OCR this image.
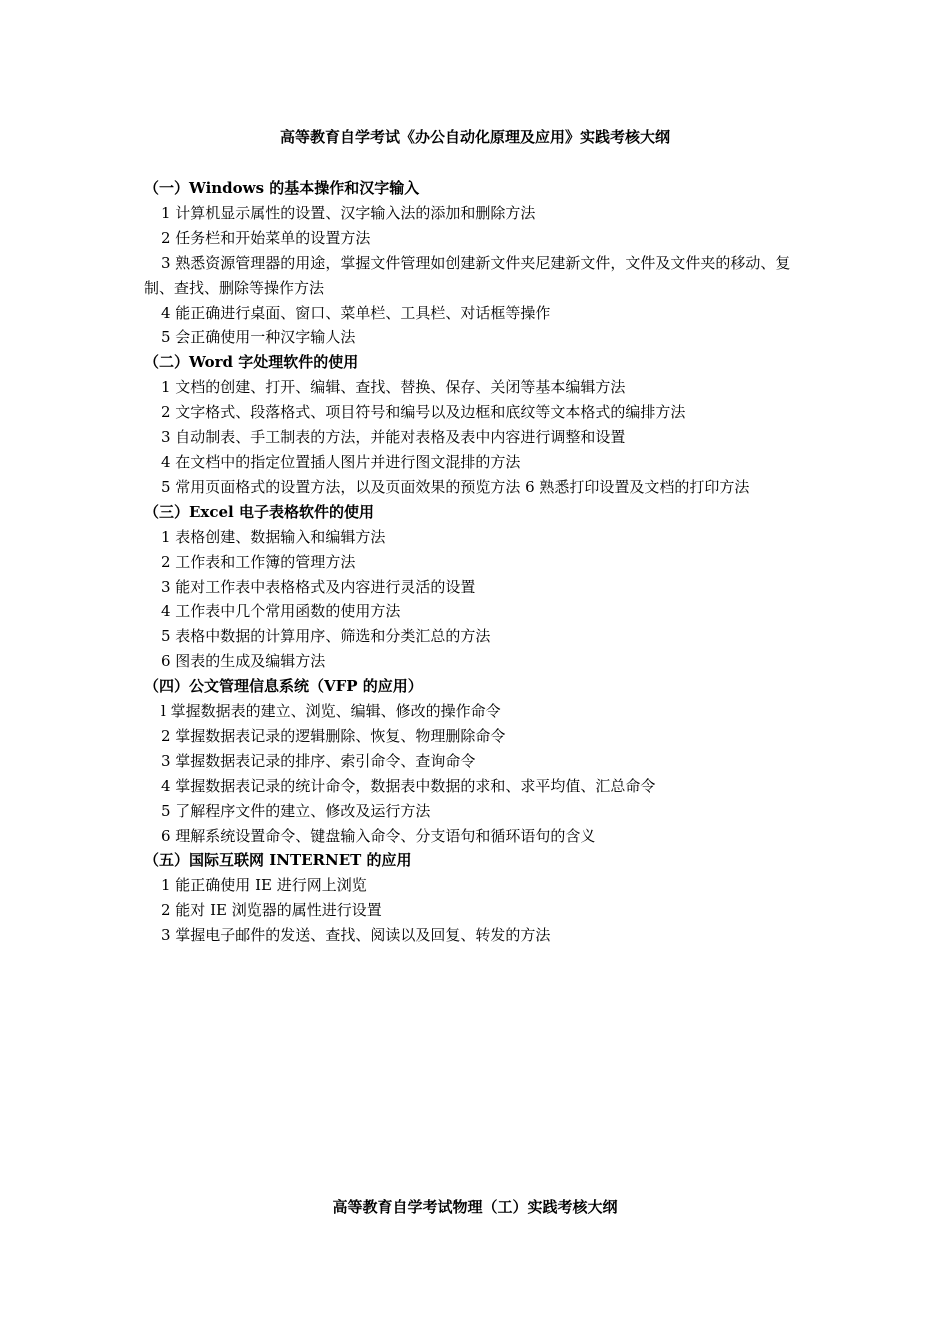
高等教育自学考试《办公自动化原理及应用》实践考核大纲
（一）Windows 的基本操作和汉字输入
1 计算机显示属性的设置、汉字输入法的添加和删除方法
2 任务栏和开始菜单的设置方法
3 熟悉资源管理器的用途，掌握文件管理如创建新文件夹尼建新文件，文件及文件夹的移动、复制、查找、删除等操作方法
4 能正确进行桌面、窗口、菜单栏、工具栏、对话框等操作
5 会正确使用一种汉字输人法
（二）Word 字处理软件的使用
1 文档的创建、打开、编辑、查找、替换、保存、关闭等基本编辑方法
2 文字格式、段落格式、项目符号和编号以及边框和底纹等文本格式的编排方法
3 自动制表、手工制表的方法，并能对表格及表中内容进行调整和设置
4 在文档中的指定位置插人图片并进行图文混排的方法
5 常用页面格式的设置方法，以及页面效果的预览方法 6 熟悉打印设置及文档的打印方法
（三）Excel 电子表格软件的使用
1 表格创建、数据输入和编辑方法
2 工作表和工作簿的管理方法
3 能对工作表中表格格式及内容进行灵活的设置
4 工作表中几个常用函数的使用方法
5 表格中数据的计算用序、筛选和分类汇总的方法
6 图表的生成及编辑方法
（四）公文管理信息系统（VFP 的应用）
l 掌握数据表的建立、浏览、编辑、修改的操作命令
2 掌握数据表记录的逻辑删除、恢复、物理删除命令
3 掌握数据表记录的排序、索引命令、查询命令
4 掌握数据表记录的统计命令，数据表中数据的求和、求平均值、汇总命令
5 了解程序文件的建立、修改及运行方法
6 理解系统设置命令、键盘输入命令、分支语句和循环语句的含义
（五）国际互联网 INTERNET 的应用
1 能正确使用 IE 进行网上浏览
2 能对 IE 浏览器的属性进行设置
3 掌握电子邮件的发送、查找、阅读以及回复、转发的方法
高等教育自学考试物理（工）实践考核大纲
